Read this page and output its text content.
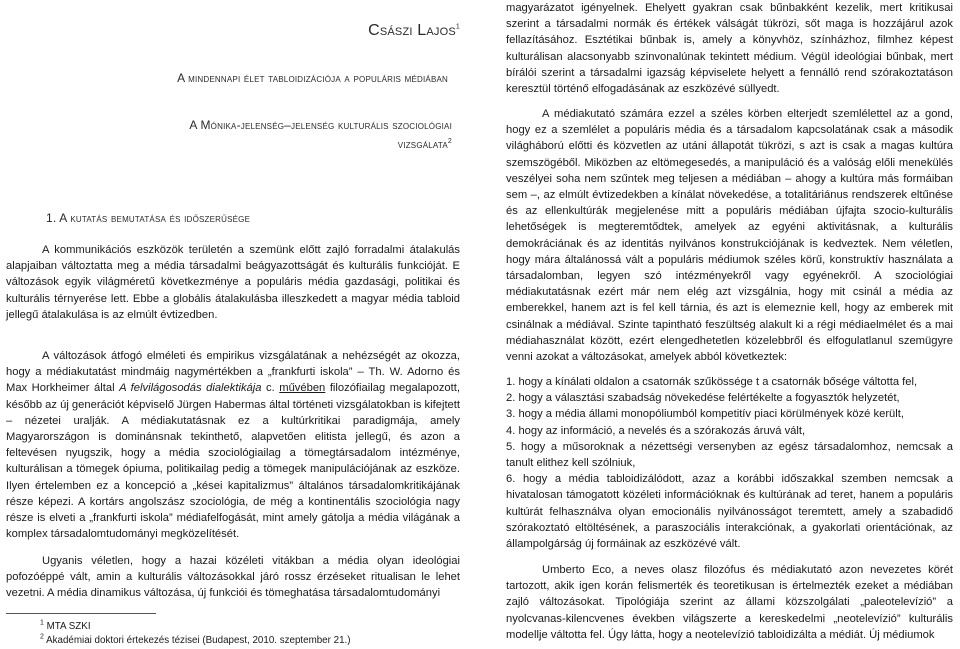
Császi Lajos$^1$
A mindennapi élet tabloidizációja a populáris médiában
A Mónika-jelenség–jelenség kulturális szociológiai
vizsgálata$^2$
1. A kutatás bemutatása és időszerűsége

A kommunikációs eszközök területén a szemünk előtt zajló forradalmi átalakulás alapjaiban változtatta meg a média társadalmi beágyazottságát és kulturális funkcióját. E változások egyik világméretű következménye a populáris média gazdasági, politikai és kulturális térnyerése lett. Ebbe a globális átalakulásba illeszkedett a magyar média tabloid jellegű átalakulása is az elmúlt évtizedben.

A változások átfogó elméleti és empirikus vizsgálatának a nehézségét az okozza, hogy a médiakutatást mindmáig nagymértékben a „frankfurti iskola” – Th. W. Adorno és Max Horkheimer által A felvilágosodás dialektikája c. művében filozófiailag megalapozott, később az új generációt képviselő Jürgen Habermas által történeti vizsgálatokban is kifejtett – nézetei uralják. A médiakutatásnak ez a kultúrkritikai paradigmája, amely Magyarországon is dominánsnak tekinthető, alapvetően elitista jellegű, és azon a feltevésen nyugszik, hogy a média szociológiailag a tömegtársadalom intézménye, kulturálisan a tömegek ópiuma, politikailag pedig a tömegek manipulációjának az eszköze. Ilyen értelemben ez a koncepció a „kései kapitalizmus” általános társadalomkritikájának része képezi. A kortárs angolszász szociológia, de még a kontinentális szociológia nagy része is elveti a „frankfurti iskola” médiafelfogását, mint amely gátolja a média világának a komplex társadalomtudományi megközelítését.

Ugyanis véletlen, hogy a hazai közéleti vitákban a média olyan ideológiai pofozóéppé vált, amin a kulturális változásokkal járó rossz érzéseket ritualisan le lehet vezetni. A média dinamikus változása, új funkciói és tömeghatása társadalomtudományi

$^1$ MTA SZKI
$^2$ Akadémiai doktori értekezés tézisei (Budapest, 2010. szeptember 21.)

magyarázatot igényelnek. Ehelyett gyakran csak bűnbakként kezelik, mert kritikusai szerint a társadalmi normák és értékek válságát tükrözi, sőt maga is hozzájárul azok fellazításához. Esztétikai bűnbak is, amely a könyvhöz, színházhoz, filmhez képest kulturálisan alacsonyabb szinvonalúnak tekintett médium. Végül ideológiai bűnbak, mert bírálói szerint a társadalmi igazság képviselete helyett a fennálló rend szórakoztatáson keresztül történő elfogadásának az eszközévé süllyedt.

A médiakutató számára ezzel a széles körben elterjedt szemlélettel az a gond, hogy ez a szemlélet a populáris média és a társadalom kapcsolatának csak a második világháború előtti és közvetlen az utáni állapotát tükrözi, s azt is csak a magas kultúra szemszögéből. Miközben az eltömegesedés, a manipuláció és a valóság előli menekülés veszélyei soha nem szűntek meg teljesen a médiában – ahogy a kultúra más formáiban sem –, az elmúlt évtizedekben a kínálat növekedése, a totalitáriánus rendszerek eltűnése és az ellenkultúrák megjelenése mitt a populáris médiában újfajta szocio-kulturális lehetőségek is megteremtődtek, amelyek az egyéni aktivitásnak, a kulturális demokráciának és az identitás nyilvános konstrukciójának is kedveztek. Nem véletlen, hogy mára általánossá vált a populáris médiumok széles körű, konstruktív használata a társadalomban, legyen szó intézményekről vagy egyénekről. A szociológiai médiakutatásnak ezért már nem elég azt vizsgálnia, hogy mit csinál a média az emberekkel, hanem azt is fel kell tárnia, és azt is elemeznie kell, hogy az emberek mit csinálnak a médiával. Szinte tapintható feszültség alakult ki a régi médiaelmélet és a mai médiahasználat között, ezért elengedhetetlen közelebbről és elfogulatlanul szemügyre venni azokat a változásokat, amelyek abból következtek:

1. hogy a kínálati oldalon a csatornák szűkössége t a csatornák bősége váltotta fel,
2. hogy a választási szabadság növekedése felértékelte a fogyasztók helyzetét,
3. hogy a média állami monopóliumból kompetitív piaci körülmények közé került,
4. hogy az információ, a nevelés és a szórakozás áruvá vált,
5. hogy a műsoroknak a nézettségi versenyben az egész társadalomhoz, nemcsak a tanult elithez kell szólniuk,
6. hogy a média tabloidizálódott, azaz a korábbi időszakkal szemben nemcsak a hivatalosan támogatott közéleti információknak és kultúrának ad teret, hanem a populáris kultúrát felhasználva olyan emocionális nyilvánosságot teremtett, amely a szabadidő szórakoztató eltöltésének, a paraszociális interakciónak, a gyakorlati orientációnak, az állampolgárság új formáinak az eszközévé vált.

Umberto Eco, a neves olasz filozófus és médiakutató azon nevezetes körét tartozott, akik igen korán felismerték és teoretikusan is értelmezték ezeket a médiában zajló változásokat. Tipológiája szerint az állami közszolgálati „paleotelevízió” a nyolcvanas-kilencvenes években világszerte a kereskedelmi „neotelevízió” kulturális modellje váltotta fel. Úgy látta, hogy a neotelevízió tabloidizálta a médiát. Új médiumok
